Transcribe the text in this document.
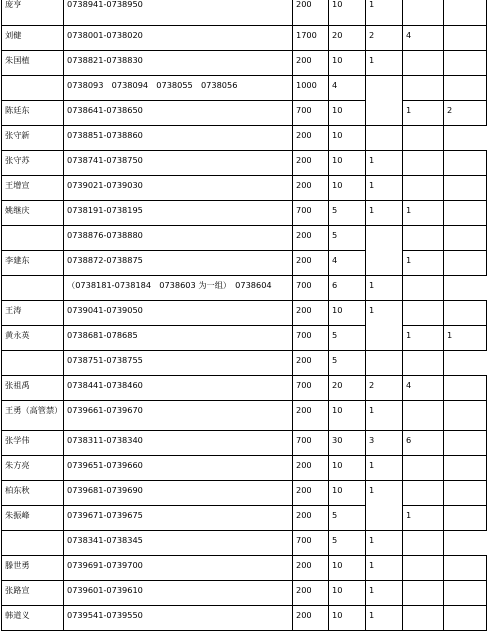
庞亨	0738941-0738950	200	10	1			
刘健	0738001-0738020	1700	20	2	4		
朱国植	0738821-0738830	200	10	1			
	0738093　0738094　0738055　0738056	1000	4				
陈廷东	0738641-0738650	700	10		1	2	
张守新	0738851-0738860	200	10				
张守苏	0738741-0738750	200	10	1			
王增宣	0739021-0739030	200	10	1			
姚继庆	0738191-0738195	700	5	1	1		
	0738876-0738880	200	5				
李建东	0738872-0738875	200	4		1		
	（0738181-0738184　0738603 为一组）　0738604	700	6	1			
王涛	0739041-0739050	200	10	1			
黄永英	0738681-078685	700	5		1	1	
	0738751-0738755	200	5				
张祖禹	0738441-0738460	700	20	2	4		
王勇（高管禁）	0739661-0739670	200	10	1			
张学伟	0738311-0738340	700	30	3	6		
朱方亮	0739651-0739660	200	10	1			
柏东秋	0739681-0739690	200	10	1			
朱振峰	0739671-0739675	200	5		1		
	0738341-0738345	700	5	1			
滕世勇	0739691-0739700	200	10	1			
张路宣	0739601-0739610	200	10	1			
韩道义	0739541-0739550	200	10	1			
